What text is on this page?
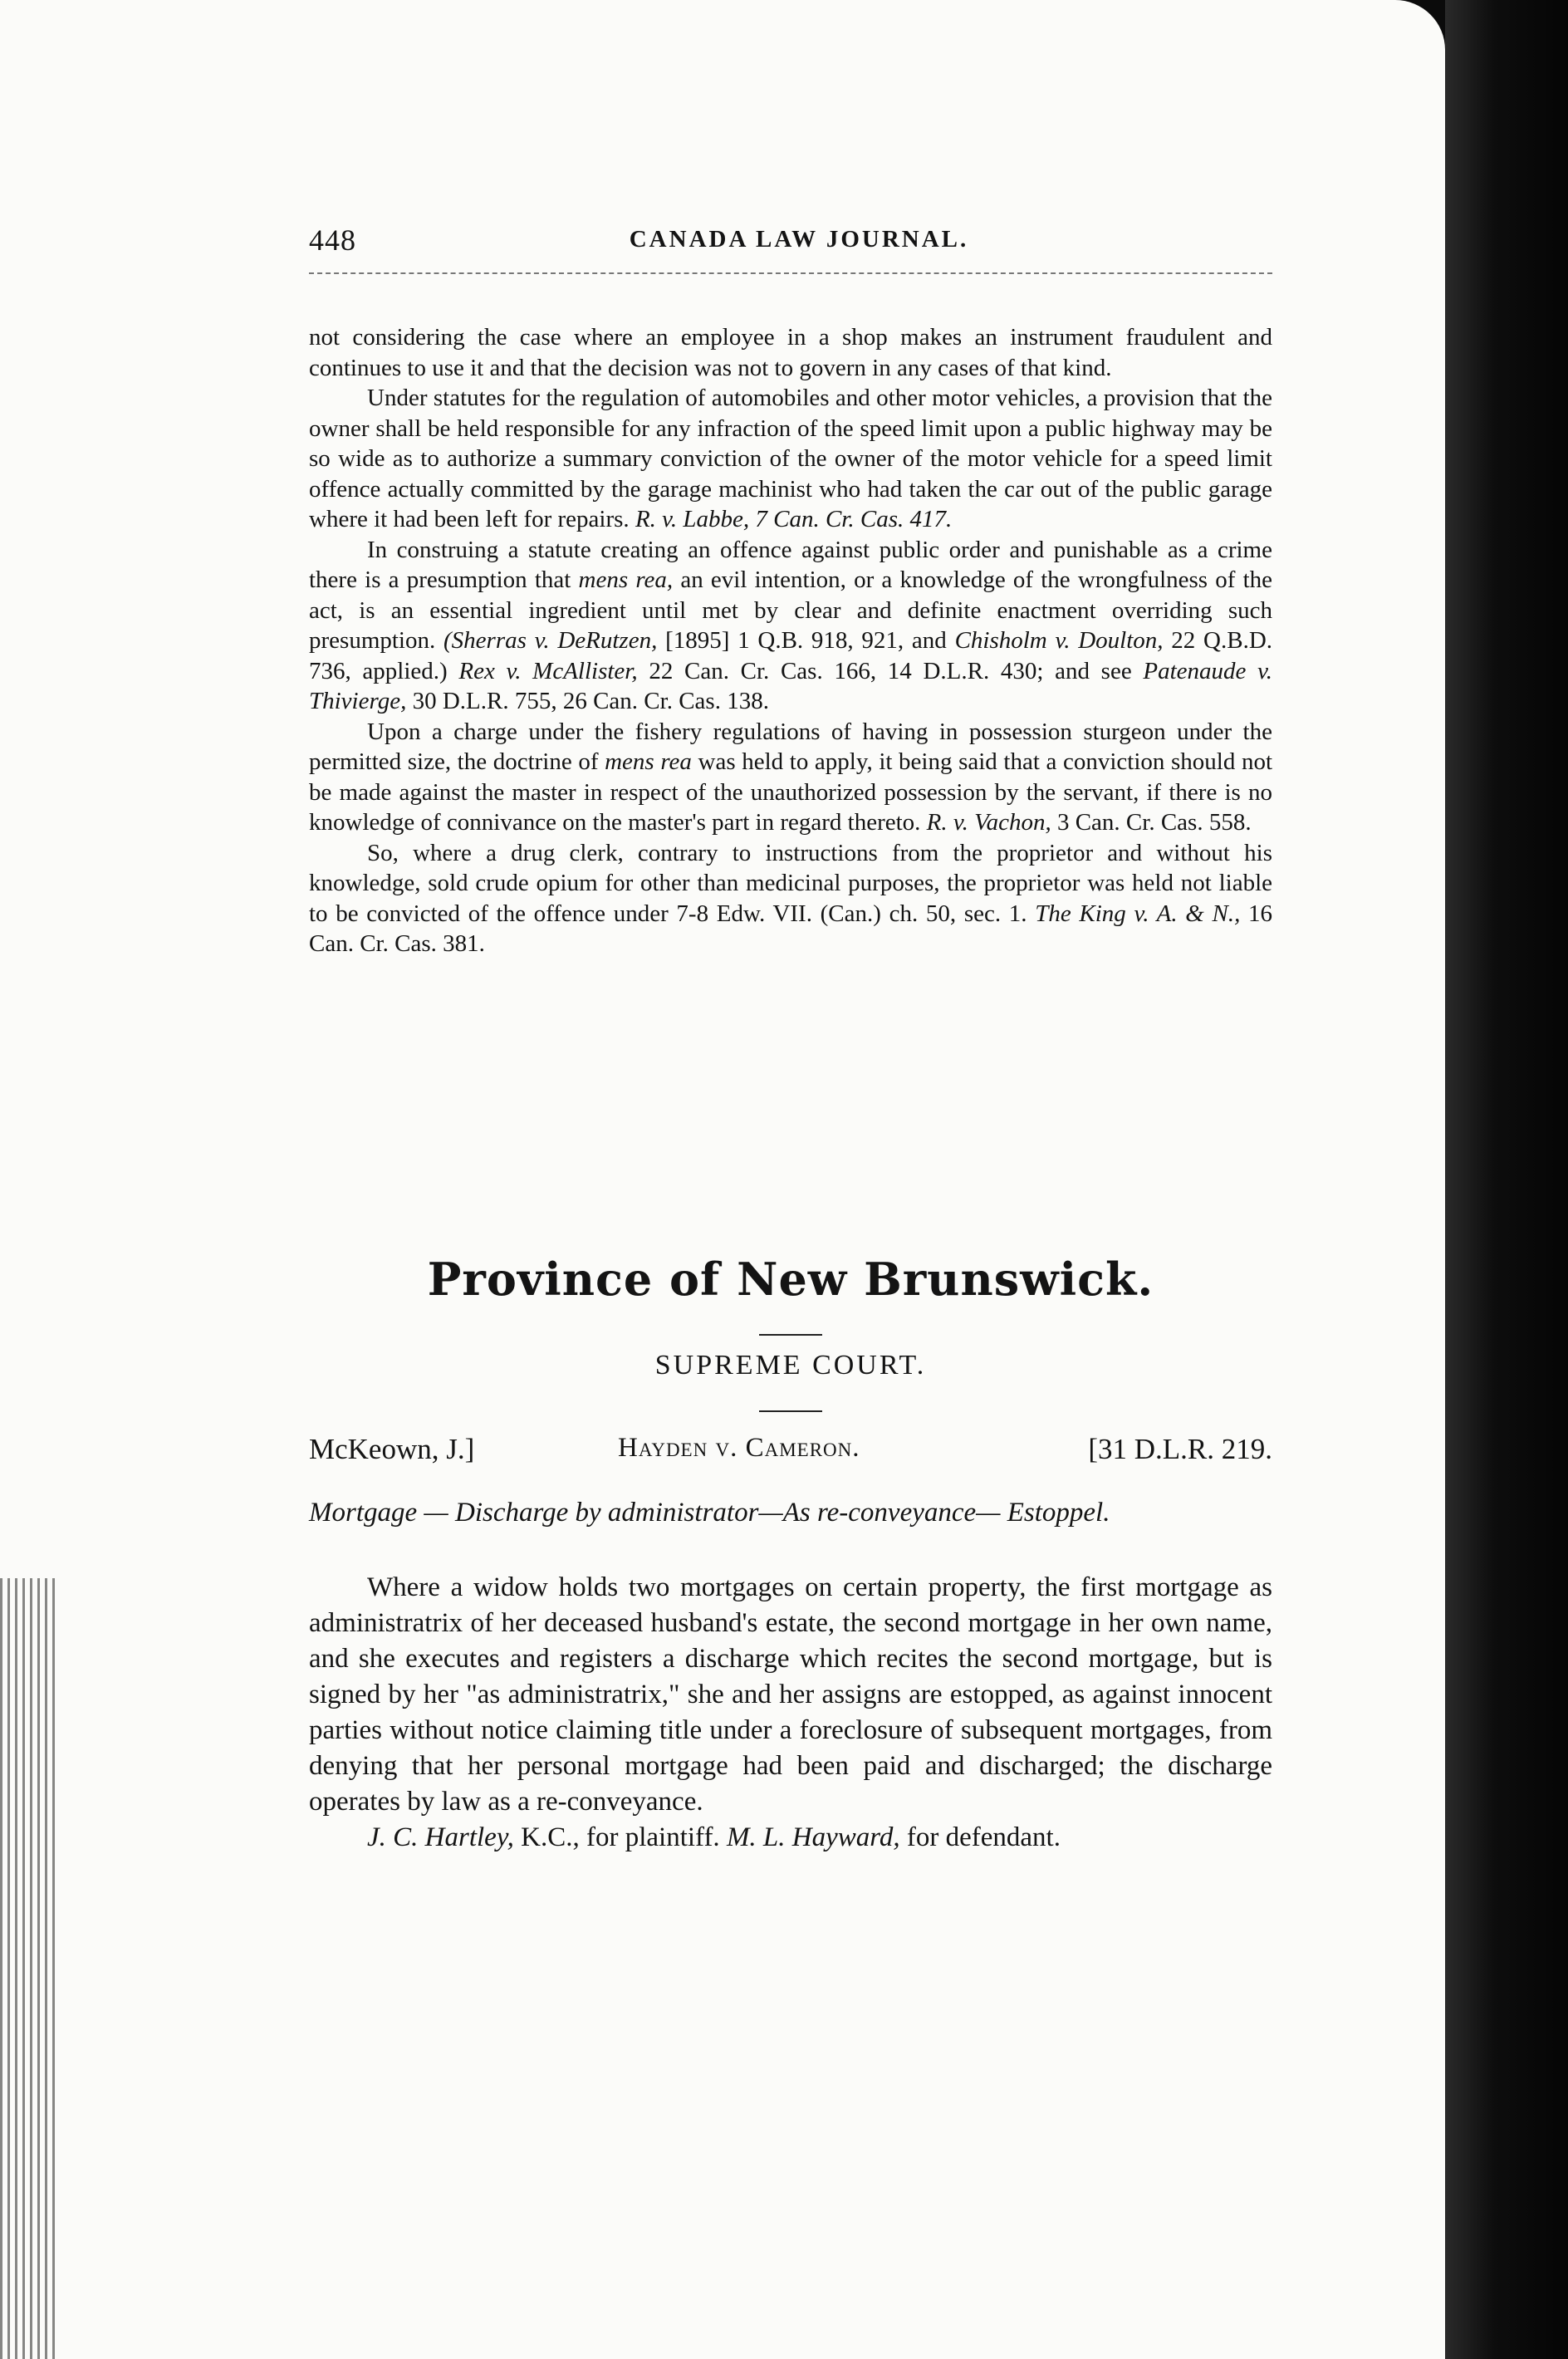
448	CANADA LAW JOURNAL.

not considering the case where an employee in a shop makes an instrument fraudulent and continues to use it and that the decision was not to govern in any cases of that kind.

Under statutes for the regulation of automobiles and other motor vehicles, a provision that the owner shall be held responsible for any infraction of the speed limit upon a public highway may be so wide as to authorize a summary conviction of the owner of the motor vehicle for a speed limit offence actually committed by the garage machinist who had taken the car out of the public garage where it had been left for repairs. R. v. Labbe, 7 Can. Cr. Cas. 417.

In construing a statute creating an offence against public order and punishable as a crime there is a presumption that mens rea, an evil intention, or a knowledge of the wrongfulness of the act, is an essential ingredient until met by clear and definite enactment overriding such presumption. (Sherras v. DeRutzen, [1895] 1 Q.B. 918, 921, and Chisholm v. Doulton, 22 Q.B.D. 736, applied.) Rex v. McAllister, 22 Can. Cr. Cas. 166, 14 D.L.R. 430; and see Patenaude v. Thivierge, 30 D.L.R. 755, 26 Can. Cr. Cas. 138.

Upon a charge under the fishery regulations of having in possession sturgeon under the permitted size, the doctrine of mens rea was held to apply, it being said that a conviction should not be made against the master in respect of the unauthorized possession by the servant, if there is no knowledge of connivance on the master's part in regard thereto. R. v. Vachon, 3 Can. Cr. Cas. 558.

So, where a drug clerk, contrary to instructions from the proprietor and without his knowledge, sold crude opium for other than medicinal purposes, the proprietor was held not liable to be convicted of the offence under 7-8 Edw. VII. (Can.) ch. 50, sec. 1. The King v. A. & N., 16 Can. Cr. Cas. 381.

Province of New Brunswick.
SUPREME COURT.
McKeown, J.]	Hayden v. Cameron.	[31 D.L.R. 219.
Mortgage — Discharge by administrator—As re-conveyance— Estoppel.

Where a widow holds two mortgages on certain property, the first mortgage as administratrix of her deceased husband's estate, the second mortgage in her own name, and she executes and registers a discharge which recites the second mortgage, but is signed by her "as administratrix," she and her assigns are estopped, as against innocent parties without notice claiming title under a foreclosure of subsequent mortgages, from denying that her personal mortgage had been paid and discharged; the discharge operates by law as a re-conveyance.

J. C. Hartley, K.C., for plaintiff. M. L. Hayward, for defendant.
